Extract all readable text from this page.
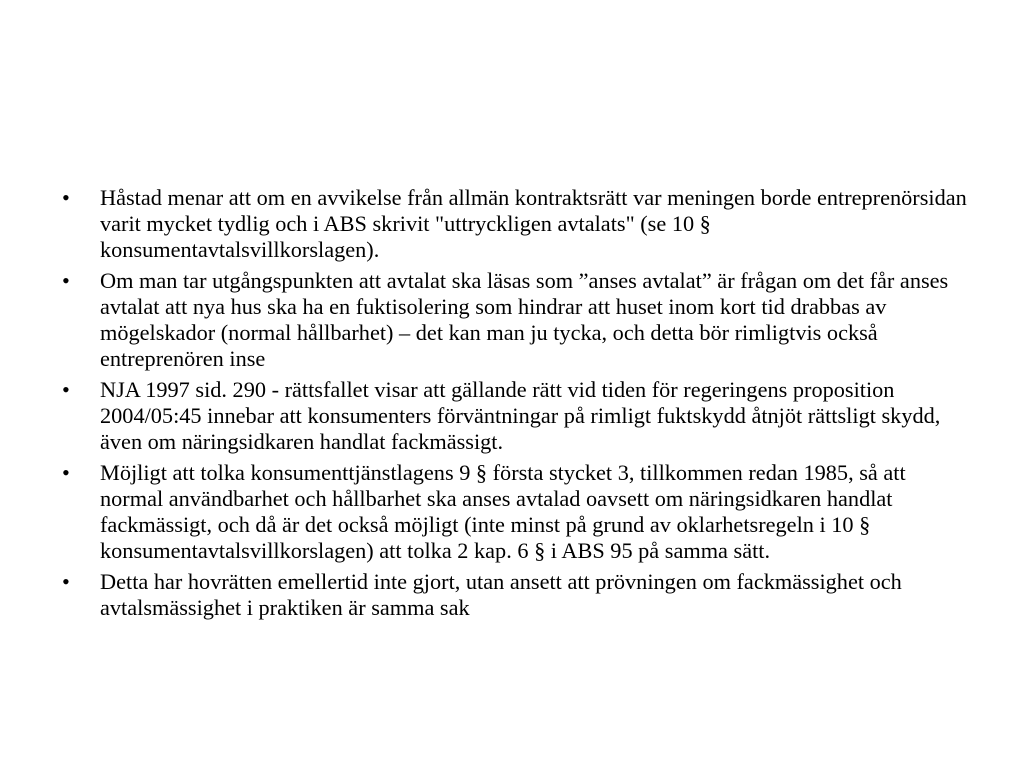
•	Håstad menar att om en avvikelse från allmän kontraktsrätt var meningen borde entreprenörsidan varit mycket tydlig och i ABS skrivit "uttryckligen avtalats" (se 10 § konsumentavtalsvillkorslagen).
•	Om man tar utgångspunkten att avtalat ska läsas som ”anses avtalat” är frågan om det får anses avtalat att nya hus ska ha en fuktisolering som hindrar att huset inom kort tid drabbas av mögelskador (normal hållbarhet) – det kan man ju tycka, och detta bör rimligtvis också entreprenören inse
•	NJA 1997 sid. 290 - rättsfallet visar att gällande rätt vid tiden för regeringens proposition 2004/05:45 innebar att konsumenters förväntningar på rimligt fuktskydd åtnjöt rättsligt skydd, även om näringsidkaren handlat fackmässigt.
•	Möjligt att tolka konsumenttjänstlagens 9 § första stycket 3, tillkommen redan 1985, så att normal användbarhet och hållbarhet ska anses avtalad oavsett om näringsidkaren handlat fackmässigt, och då är det också möjligt (inte minst på grund av oklarhetsregeln i 10 § konsumentavtalsvillkorslagen) att tolka 2 kap. 6 § i ABS 95 på samma sätt.
•	Detta har hovrätten emellertid inte gjort, utan ansett att prövningen om fackmässighet och avtalsmässighet i praktiken är samma sak
